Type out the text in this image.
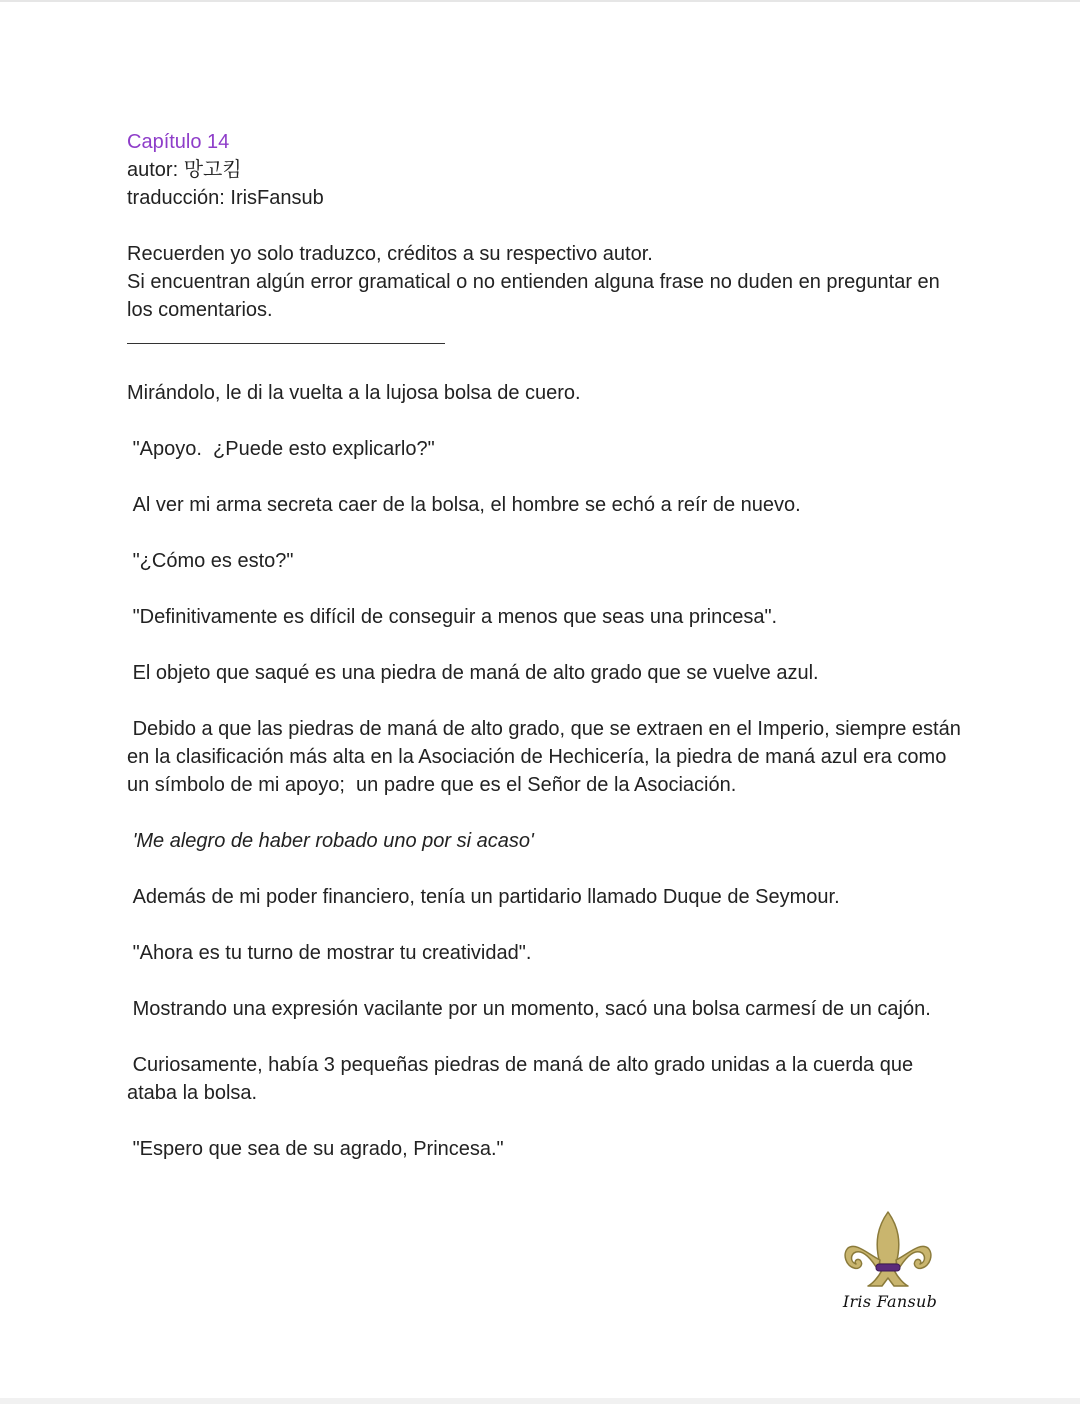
Capítulo 14

autor: 망고킴

traducción: IrisFansub

Recuerden yo solo traduzco, créditos a su respectivo autor.

Si encuentran algún error gramatical o no entienden alguna frase no duden en preguntar en los comentarios.

Mirándolo, le di la vuelta a la lujosa bolsa de cuero.

"Apoyo.  ¿Puede esto explicarlo?"

Al ver mi arma secreta caer de la bolsa, el hombre se echó a reír de nuevo.

"¿Cómo es esto?"

"Definitivamente es difícil de conseguir a menos que seas una princesa".

El objeto que saqué es una piedra de maná de alto grado que se vuelve azul.

Debido a que las piedras de maná de alto grado, que se extraen en el Imperio, siempre están en la clasificación más alta en la Asociación de Hechicería, la piedra de maná azul era como un símbolo de mi apoyo;  un padre que es el Señor de la Asociación.

'Me alegro de haber robado uno por si acaso'

Además de mi poder financiero, tenía un partidario llamado Duque de Seymour.

"Ahora es tu turno de mostrar tu creatividad".

Mostrando una expresión vacilante por un momento, sacó una bolsa carmesí de un cajón.

Curiosamente, había 3 pequeñas piedras de maná de alto grado unidas a la cuerda que ataba la bolsa.

"Espero que sea de su agrado, Princesa."

Iris Fansub
